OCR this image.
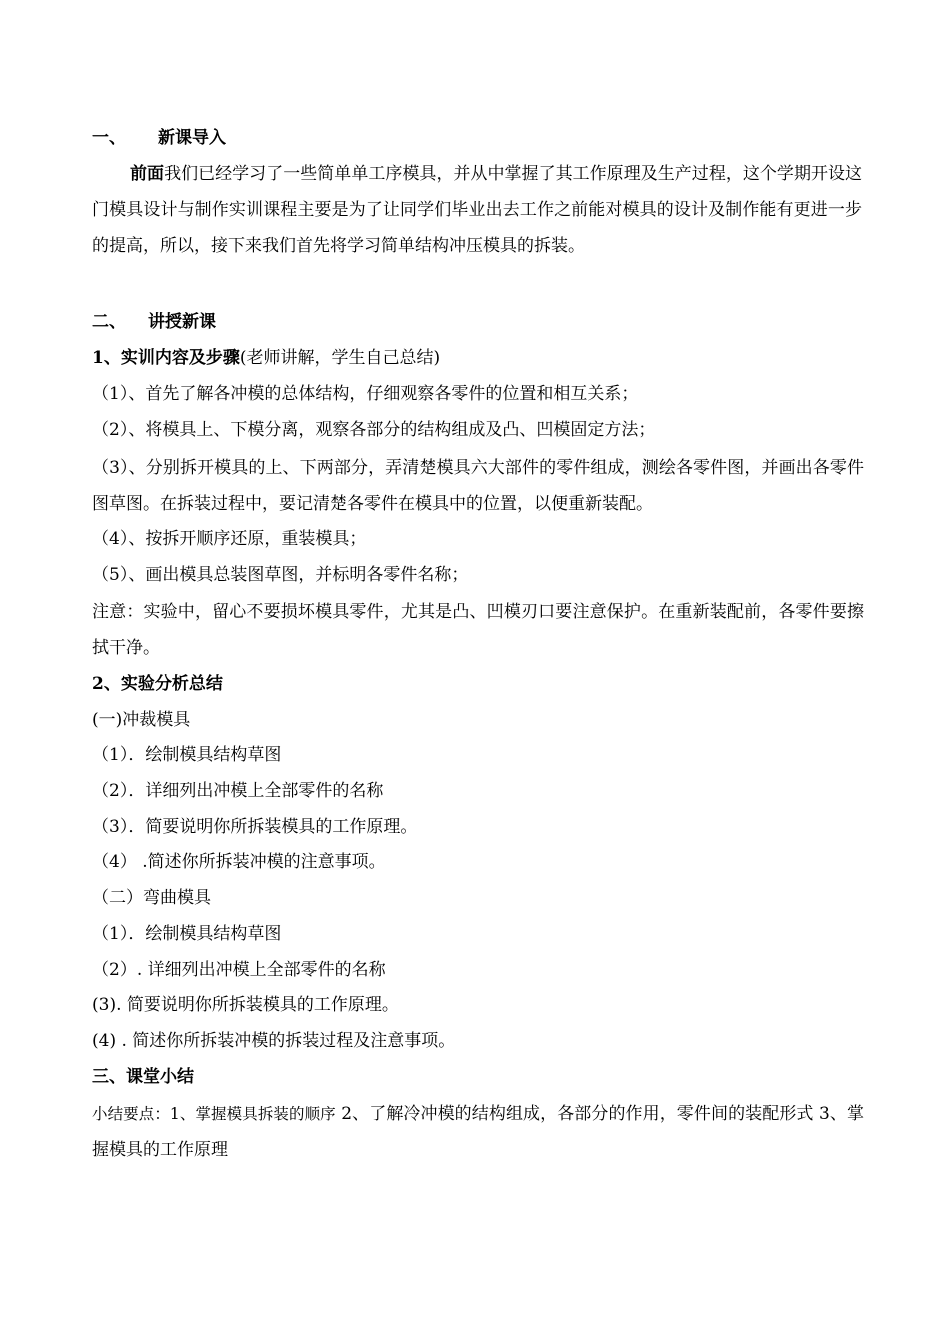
一、 新课导入
前面我们已经学习了一些简单单工序模具，并从中掌握了其工作原理及生产过程，这个学期开设这门模具设计与制作实训课程主要是为了让同学们毕业出去工作之前能对模具的设计及制作能有更进一步的提高，所以，接下来我们首先将学习简单结构冲压模具的拆装。
二、 讲授新课
1、实训内容及步骤(老师讲解，学生自己总结)
（1）、首先了解各冲模的总体结构，仔细观察各零件的位置和相互关系；
（2）、将模具上、下模分离，观察各部分的结构组成及凸、凹模固定方法；
（3）、分别拆开模具的上、下两部分，弄清楚模具六大部件的零件组成，测绘各零件图，并画出各零件图草图。在拆装过程中，要记清楚各零件在模具中的位置，以便重新装配。
（4）、按拆开顺序还原，重装模具；
（5）、画出模具总装图草图，并标明各零件名称；
注意：实验中，留心不要损坏模具零件，尤其是凸、凹模刃口要注意保护。在重新装配前，各零件要擦拭干净。
2、实验分析总结
(一)冲裁模具
（1）．绘制模具结构草图
（2）．详细列出冲模上全部零件的名称
（3）．简要说明你所拆装模具的工作原理。
（4） .简述你所拆装冲模的注意事项。
（二）弯曲模具
（1）．绘制模具结构草图
（2）. 详细列出冲模上全部零件的名称
(3). 简要说明你所拆装模具的工作原理。
(4) . 简述你所拆装冲模的拆装过程及注意事项。
三、课堂小结
小结要点：1、掌握模具拆装的顺序 2、了解冷冲模的结构组成，各部分的作用，零件间的装配形式 3、掌握模具的工作原理
